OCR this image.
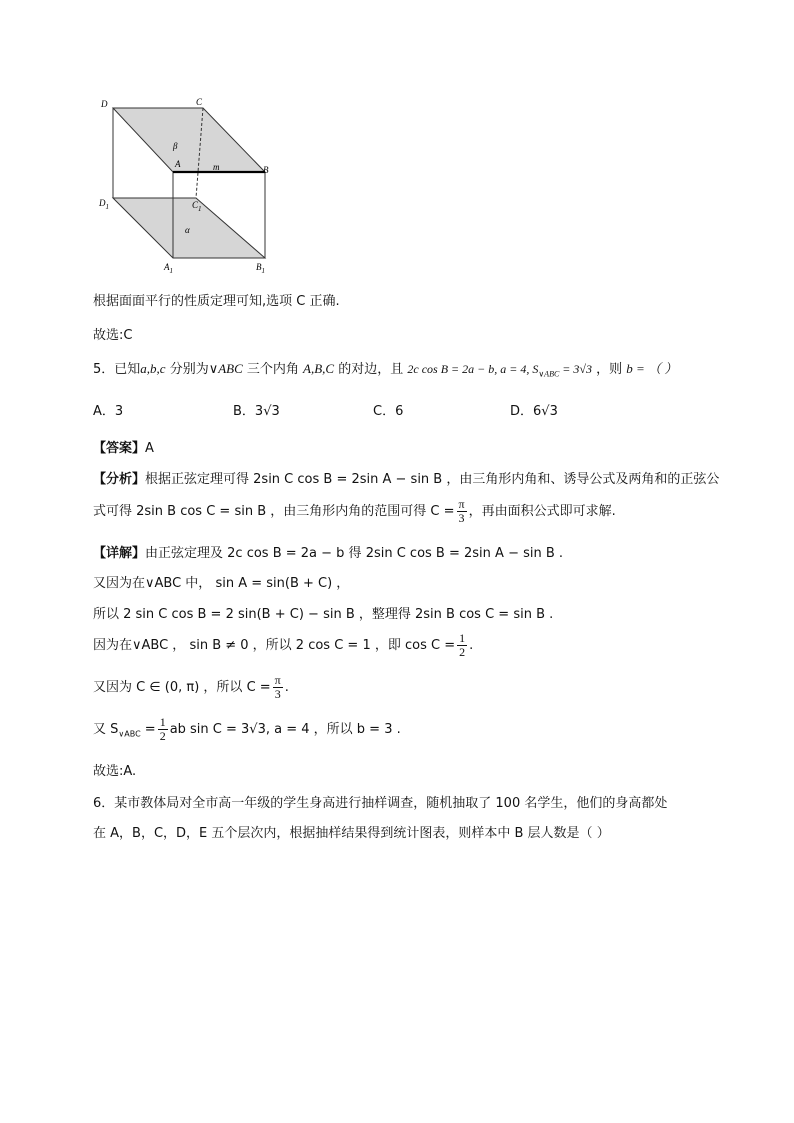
D	C
A
B
β
m
$D_1$	$C_1$
α
$A_1$	$B_1$
根据面面平行的性质定理可知,选项 C 正确.
故选:C
5．已知a,b,c 分别为∨ABC 三个内角 A,B,C 的对边，且 2c cos B = 2a − b, a = 4, $S_{\vee ABC} = 3√3$ ，则 b = （ ）
A．3	B．3√3	C．6	D．6√3
【答案】A
【分析】根据正弦定理可得 2sin C cos B = 2sin A − sin B ，由三角形内角和、诱导公式及两角和的正弦公
式可得 2sin B cos C = sin B ，由三角形内角的范围可得 $C = \frac{\pi}{3}$ ，再由面积公式即可求解.
【详解】由正弦定理及 2c cos B = 2a − b 得 2sin C cos B = 2sin A − sin B .
又因为在∨ABC 中， sin A = sin(B + C) ，
所以 2 sin C cos B = 2 sin(B + C) − sin B ，整理得 2sin B cos C = sin B .
因为在∨ABC ， sin B ≠ 0 ，所以 2 cos C = 1 ，即 $\cos C = \frac{1}{2}$ .
又因为 C ∈ (0, π) ，所以 $C = \frac{\pi}{3}$ .
又 $S_{\vee ABC} = \frac{1}{2}$ ab sin C = 3√3, a = 4 ，所以 b = 3 .
故选:A.
6．某市教体局对全市高一年级的学生身高进行抽样调查，随机抽取了 100 名学生，他们的身高都处
在 A，B，C，D，E 五个层次内，根据抽样结果得到统计图表，则样本中 B 层人数是（ ）
